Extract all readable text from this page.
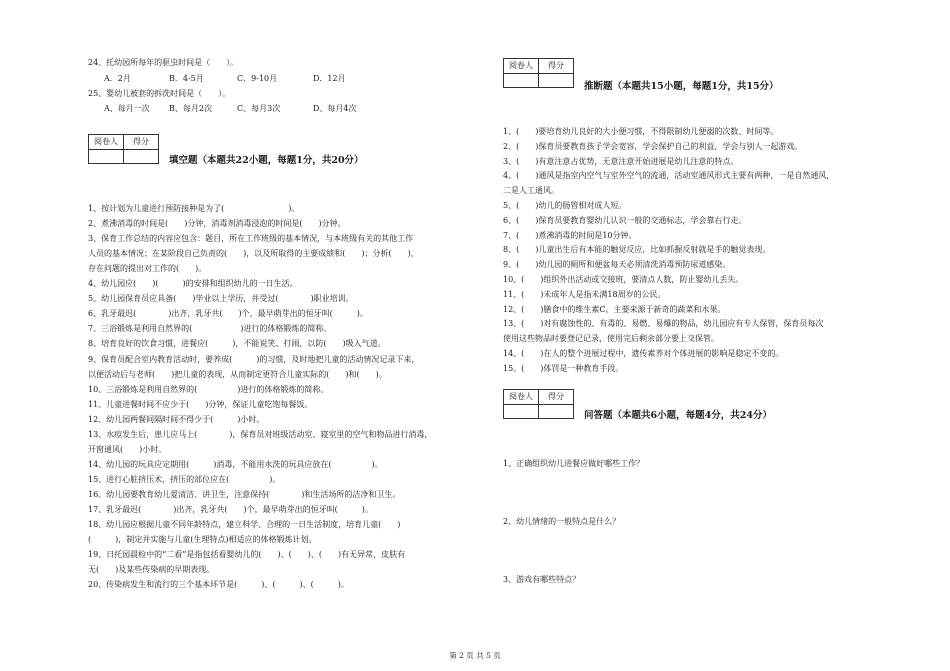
24、托幼园所每年的驱虫时间是（　　）。
A．2月	B．4-5月	C．9-10月	D．12月
25、婴幼儿被套的拆洗时间是（　　）。
A、每月一次 B、每月2次	C、每月3次	D、每月4次
阅卷人	得分
填空题（本题共22小题，每题1分，共20分）
1、按计划为儿童进行预防接种是为了(　　　　　　　　)。
2、煮沸消毒的时间是(　　)分钟，消毒剂消毒浸泡的时间是(　　)分钟。
3、保育工作总结的内容应包含：题目，所在工作班级的基本情况，与本班级有关的其他工作
人员的基本情况；在某阶段自己负责的(　　)，以及所取得的主要成绩和(　　)；分析(　　)，
存在问题的提出对工作的(　　)。
4、幼儿园应(　　)(　　　)的安排和组织幼儿的一日生活。
5、幼儿园保育员应具备(　　)毕业以上学历，并受过(　　　　)职业培训。
6、乳牙最迟(　　　　)出齐，乳牙共(　　)个，最早萌芽出的恒牙叫(　　　)。
7、三浴锻炼是利用自然界的(　　　　　　)进行的体格锻炼的简称。
8、培育良好的饮食习惯，进餐应(　　　)，不能说笑、打闹，以防(　　)吸入气道。
9、保育员配合室内教育活动时，要养成(　　　)的习惯，及时地把儿童的活动情况记录下来，
以便活动后与老师(　　)把儿童的表现，从而制定更符合儿童实际的(　　)和(　　)。
10、三浴锻炼是利用自然界的(　　　　　)进行的体格锻炼的简称。
11、儿童进餐时间不应少于(　　)分钟，保证儿童吃饱每餐饭。
12、幼儿园两餐间隔时间不得少于(　　　)小时。
13、水痘发生后，患儿应马上(　　　　)，保育员对班级活动室、寝室里的空气和物品进行消毒，
开窗通风(　　)小时。
14、幼儿园的玩具应定期用(　　　)消毒，不能用水洗的玩具应放在(　　　　　)。
15、进行心脏挤压术，挤压的部位应在(　　　　　)。
16、幼儿园要教育幼儿爱清洁、讲卫生，注意保持(　　　　)和生活场所的洁净和卫生。
17、乳牙最迟(　　　　)出齐，乳牙共(　　)个，最早萌芽出的恒牙叫(　　　)。
18、幼儿园应根据儿童不同年龄特点，建立科学、合理的一日生活制度，培育儿童(　　)
(　　　)，制定并实施与儿童(生理特点)相适应的体格锻炼计划。
19、日托园晨检中的“二看”是指包括看婴幼儿的(　　)、(　　)、(　　)有无异常，皮肤有
无(　　)及某些传染病的早期表现。
20、传染病发生和流行的三个基本环节是(　　　)、(　　　)、(　　　)。
阅卷人	得分
推断题（本题共15小题，每题1分，共15分）
1、(　　)要培育幼儿良好的大小便习惯，不得限制幼儿便溺的次数、时间等。
2、(　　)保育员要教育孩子学会宽容，学会保护自己的利益，学会与别人一起游戏。
3、(　　)有意注意占优势，无意注意开始进展是幼儿注意的特点。
4、(　　)通风是指室内空气与室外空气的流通，活动室通风形式主要有两种，一是自然通风，
二是人工通风。
5、(　　)幼儿的肠管相对成人短。
6、(　　)保育员要教育婴幼儿认识一般的交通标志，学会靠右行走。
7、(　　)煮沸消毒的时间是10分钟。
8、(　　)儿童出生后有本能的触觉反应，比如抓握反射就是手的触觉表现。
9、(　　)幼儿园的厕所和便盆每天必须清洗消毒预防尿道感染。
10、(　　)组织外出活动或交接班，要清点人数，防止婴幼儿丢失。
11、(　　)未成年人是指未满18周岁的公民。
12、(　　)膳食中的维生素C，主要来源于新奇的蔬菜和水果。
13、(　　)对有腐蚀性的、有毒的、易燃、易爆的物品，幼儿园应有专人保管，保育员每次
使用这些物品时要登记记录，使用完后剩余部分要上交保管。
14、(　　)在人的整个进展过程中，遗传素养对个体进展的影响是稳定不变的。
15、(　　)体罚是一种教育手段。
阅卷人	得分
问答题（本题共6小题，每题4分，共24分）
1、正确组织幼儿进餐应做好哪些工作？
2、幼儿情绪的一般特点是什么？
3、游戏有哪些特点？
第 2 页 共 5 页
